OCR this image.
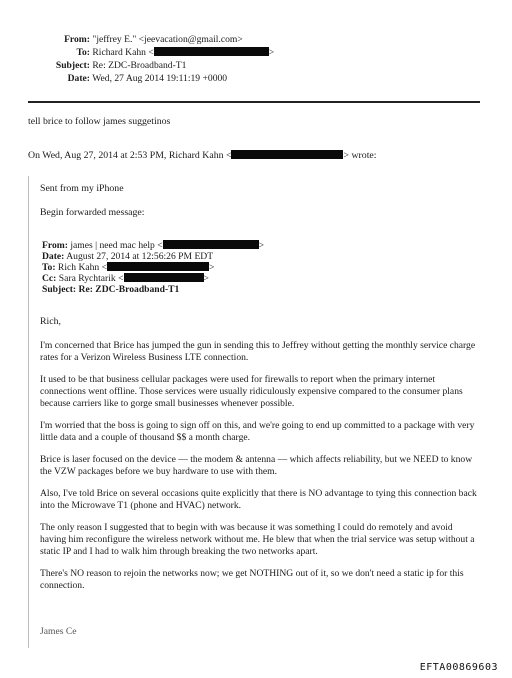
From: "jeffrey E." <jeevacation@gmail.com>
To: Richard Kahn <	>
Subject: Re: ZDC-Broadband-T1
Date: Wed, 27 Aug 2014 19:11:19 +0000
tell brice to follow james suggetinos
On Wed, Aug 27, 2014 at 2:53 PM, Richard Kahn <	> wrote:
Sent from my iPhone
Begin forwarded message:
From: james | need mac help <	>
Date: August 27, 2014 at 12:56:26 PM EDT
To: Rich Kahn <	>
Cc: Sara Rychtarik <	>
Subject: Re: ZDC-Broadband-T1
Rich,
I'm concerned that Brice has jumped the gun in sending this to Jeffrey without getting the monthly service charge rates for a Verizon Wireless Business LTE connection.
It used to be that business cellular packages were used for firewalls to report when the primary internet connections went offline. Those services were usually ridiculously expensive compared to the consumer plans because carriers like to gorge small businesses whenever possible.
I'm worried that the boss is going to sign off on this, and we're going to end up committed to a package with very little data and a couple of thousand $$ a month charge.
Brice is laser focused on the device — the modem & antenna — which affects reliability, but we NEED to know the VZW packages before we buy hardware to use with them.
Also, I've told Brice on several occasions quite explicitly that there is NO advantage to tying this connection back into the Microwave T1 (phone and HVAC) network.
The only reason I suggested that to begin with was because it was something I could do remotely and avoid having him reconfigure the wireless network without me. He blew that when the trial service was setup without a static IP and I had to walk him through breaking the two networks apart.
There's NO reason to rejoin the networks now; we get NOTHING out of it, so we don't need a static ip for this connection.
James Ce
EFTA00869603
